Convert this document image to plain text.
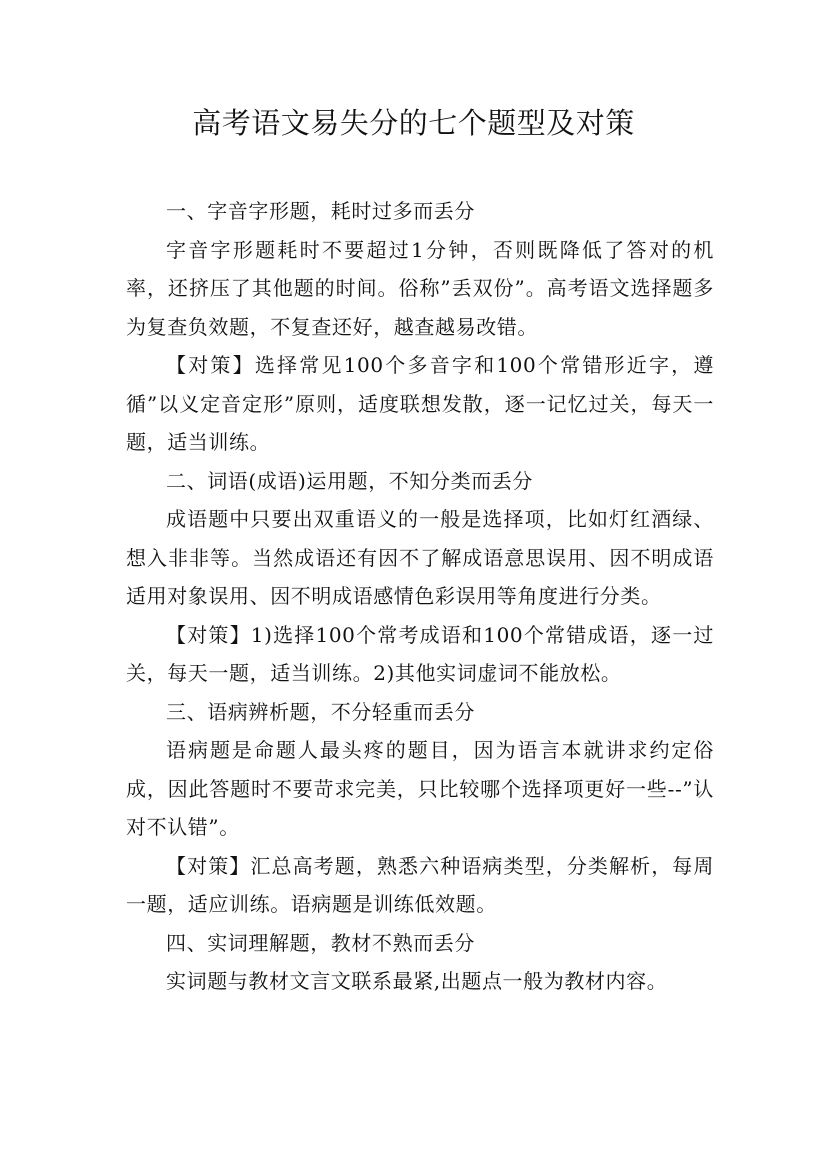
高考语文易失分的七个题型及对策

一、字音字形题，耗时过多而丢分

字音字形题耗时不要超过1分钟，否则既降低了答对的机率，还挤压了其他题的时间。俗称”丢双份”。高考语文选择题多为复查负效题，不复查还好，越查越易改错。

【对策】选择常见100个多音字和100个常错形近字，遵循”以义定音定形”原则，适度联想发散，逐一记忆过关，每天一题，适当训练。

二、词语(成语)运用题，不知分类而丢分

成语题中只要出双重语义的一般是选择项，比如灯红酒绿、想入非非等。当然成语还有因不了解成语意思误用、因不明成语适用对象误用、因不明成语感情色彩误用等角度进行分类。

【对策】1)选择100个常考成语和100个常错成语，逐一过关，每天一题，适当训练。2)其他实词虚词不能放松。

三、语病辨析题，不分轻重而丢分

语病题是命题人最头疼的题目，因为语言本就讲求约定俗成，因此答题时不要苛求完美，只比较哪个选择项更好一些--”认对不认错”。

【对策】汇总高考题，熟悉六种语病类型，分类解析，每周一题，适应训练。语病题是训练低效题。

四、实词理解题，教材不熟而丢分

实词题与教材文言文联系最紧,出题点一般为教材内容。
